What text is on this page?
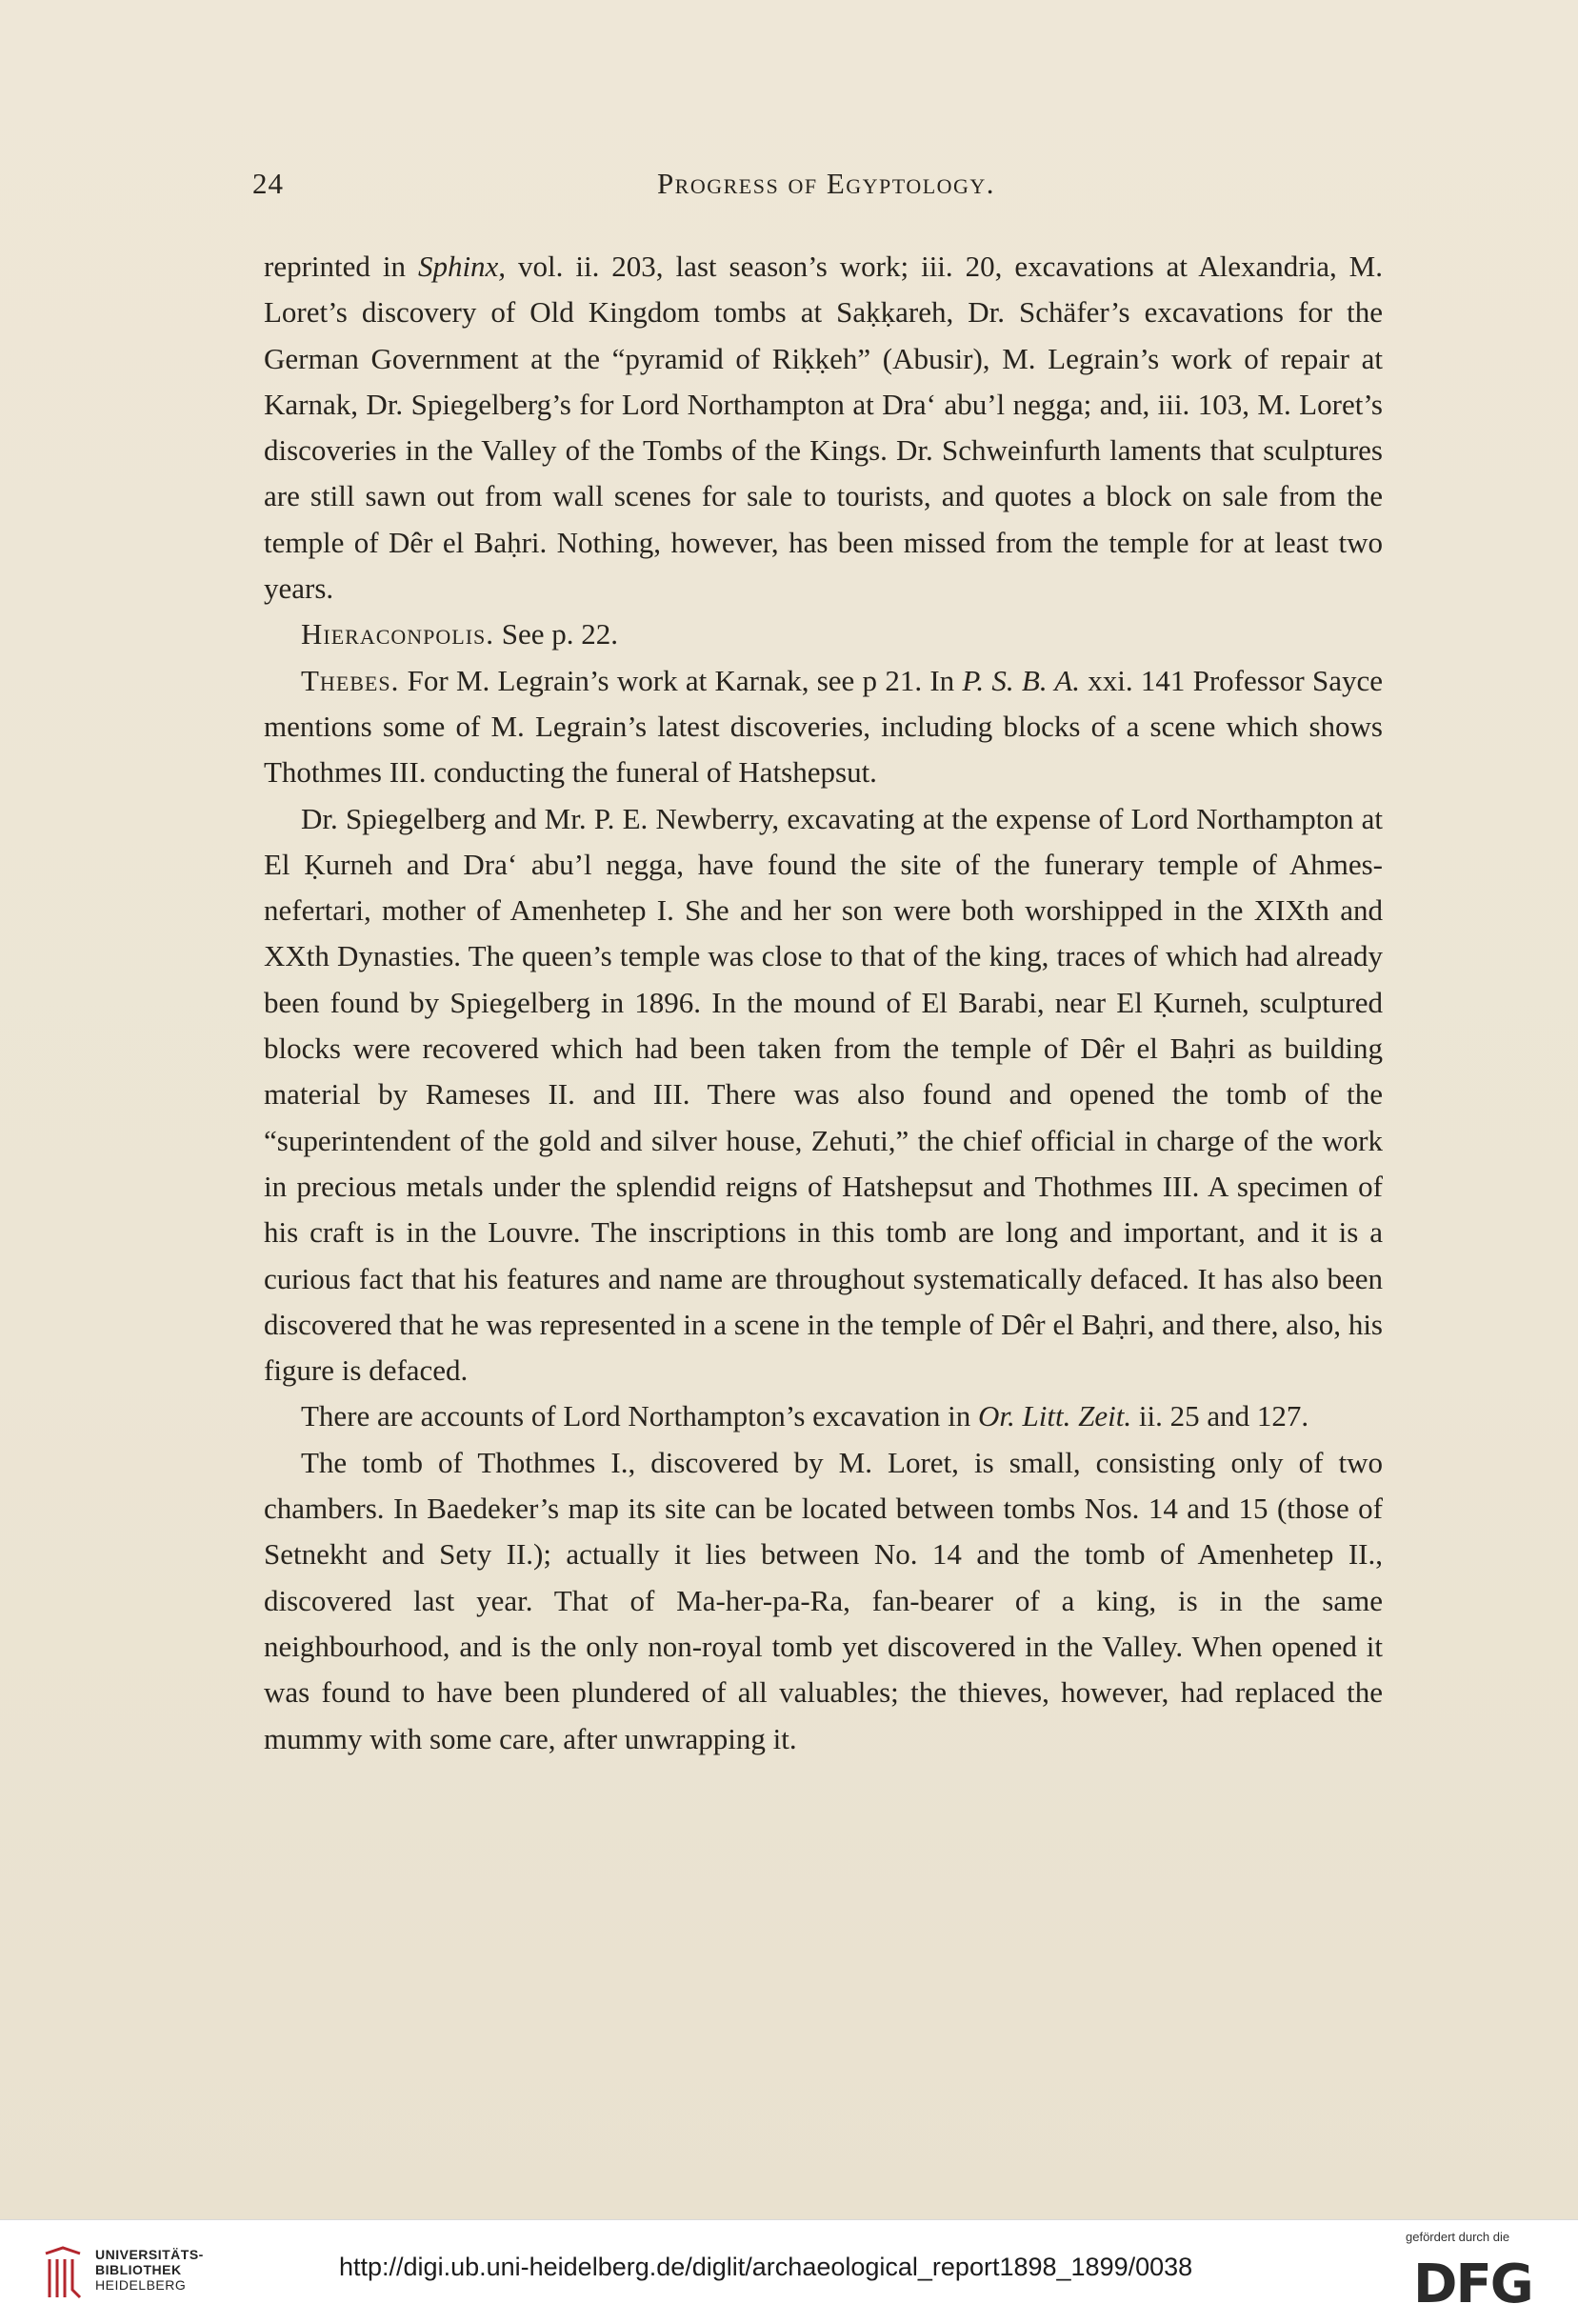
24	Progress of Egyptology.

reprinted in Sphinx, vol. ii. 203, last season’s work; iii. 20, excavations at Alexandria, M. Loret’s discovery of Old Kingdom tombs at Saḳḳareh, Dr. Schäfer’s excavations for the German Government at the “pyramid of Riḳḳeh” (Abusir), M. Legrain’s work of repair at Karnak, Dr. Spiegelberg’s for Lord Northampton at Dra‘ abu’l negga; and, iii. 103, M. Loret’s discoveries in the Valley of the Tombs of the Kings. Dr. Schweinfurth laments that sculptures are still sawn out from wall scenes for sale to tourists, and quotes a block on sale from the temple of Dêr el Baḥri. Nothing, however, has been missed from the temple for at least two years.

Hieraconpolis. See p. 22.

Thebes. For M. Legrain’s work at Karnak, see p 21. In P. S. B. A. xxi. 141 Professor Sayce mentions some of M. Legrain’s latest discoveries, including blocks of a scene which shows Thothmes III. conducting the funeral of Hatshepsut.

Dr. Spiegelberg and Mr. P. E. Newberry, excavating at the expense of Lord Northampton at El Ḳurneh and Dra‘ abu’l negga, have found the site of the funerary temple of Ahmes-nefertari, mother of Amenhetep I. She and her son were both worshipped in the XIXth and XXth Dynasties. The queen’s temple was close to that of the king, traces of which had already been found by Spiegelberg in 1896. In the mound of El Barabi, near El Ḳurneh, sculptured blocks were recovered which had been taken from the temple of Dêr el Baḥri as building material by Rameses II. and III. There was also found and opened the tomb of the “superintendent of the gold and silver house, Zehuti,” the chief official in charge of the work in precious metals under the splendid reigns of Hatshepsut and Thothmes III. A specimen of his craft is in the Louvre. The inscriptions in this tomb are long and important, and it is a curious fact that his features and name are throughout systematically defaced. It has also been discovered that he was represented in a scene in the temple of Dêr el Baḥri, and there, also, his figure is defaced.

There are accounts of Lord Northampton’s excavation in Or. Litt. Zeit. ii. 25 and 127.

The tomb of Thothmes I., discovered by M. Loret, is small, consisting only of two chambers. In Baedeker’s map its site can be located between tombs Nos. 14 and 15 (those of Setnekht and Sety II.); actually it lies between No. 14 and the tomb of Amenhetep II., discovered last year. That of Ma-her-pa-Ra, fan-bearer of a king, is in the same neighbourhood, and is the only non-royal tomb yet discovered in the Valley. When opened it was found to have been plundered of all valuables; the thieves, however, had replaced the mummy with some care, after unwrapping it.

UNIVERSITÄTS-
BIBLIOTHEK
HEIDELBERG
http://digi.ub.uni-heidelberg.de/diglit/archaeological_report1898_1899/0038
gefördert durch die
DFG
